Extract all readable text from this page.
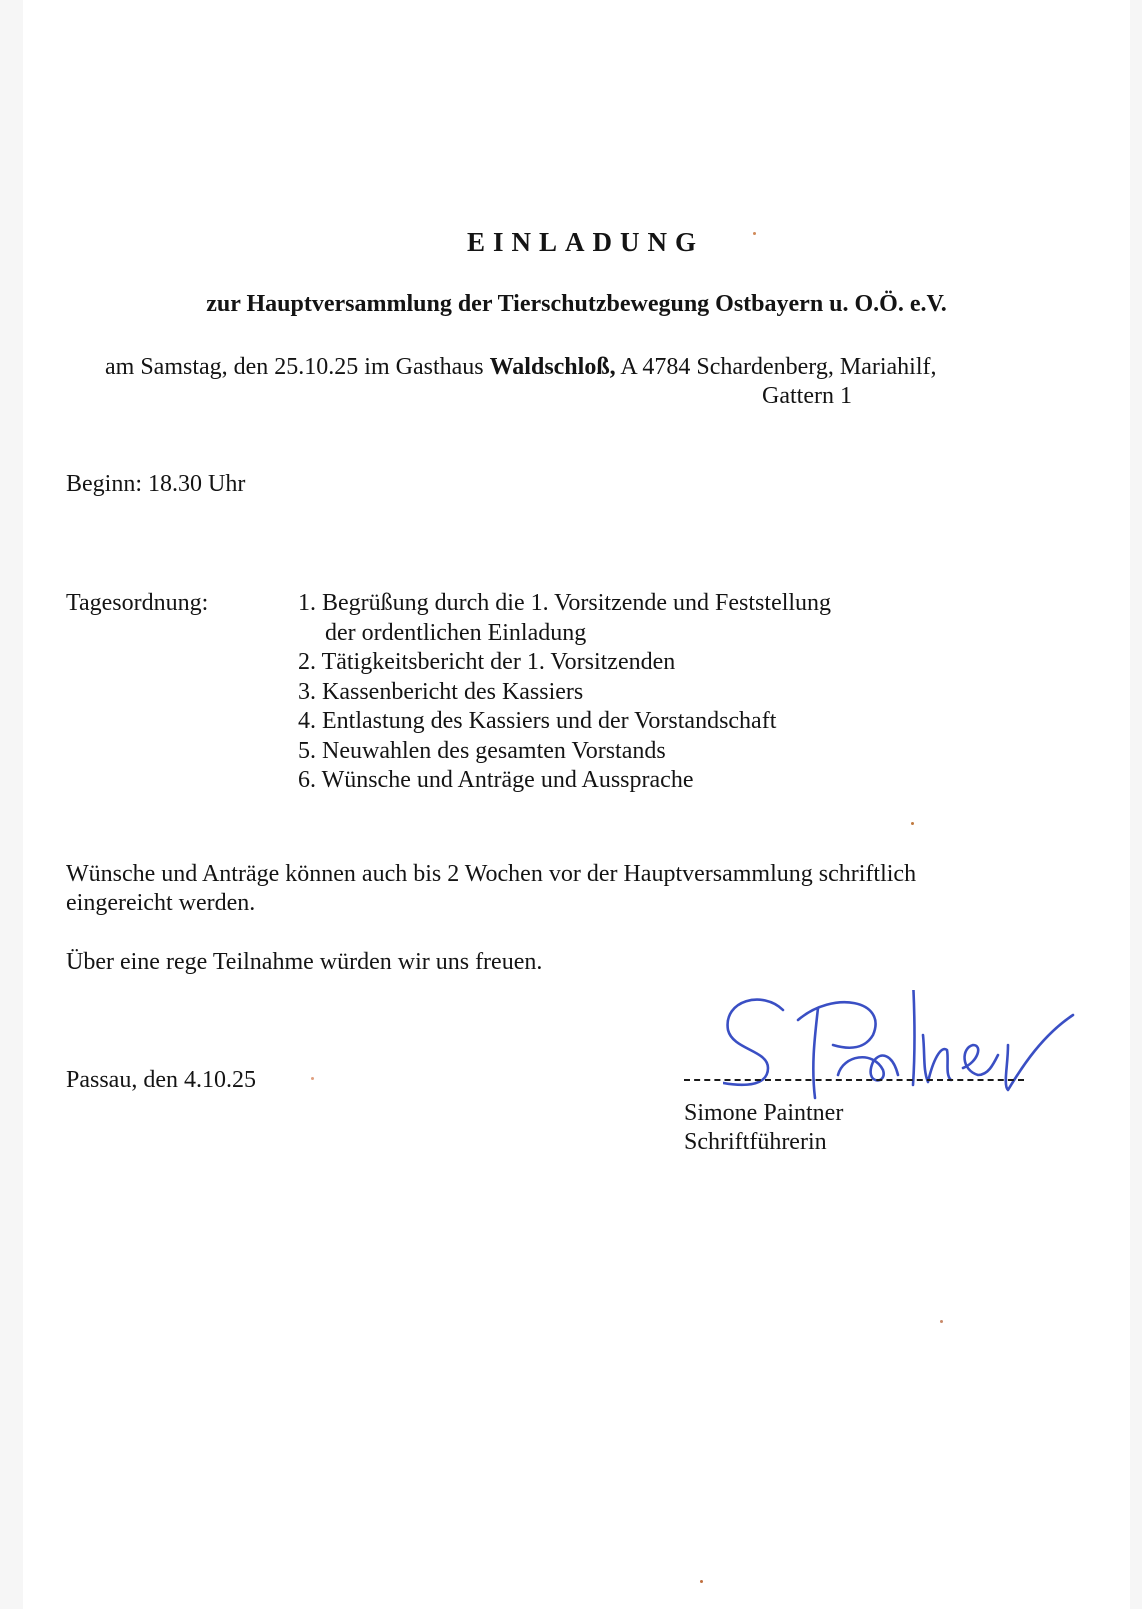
EINLADUNG
zur Hauptversammlung der Tierschutzbewegung Ostbayern u. O.Ö. e.V.
am Samstag, den 25.10.25 im Gasthaus Waldschloß, A 4784 Schardenberg, Mariahilf,
Gattern 1
Beginn: 18.30 Uhr
Tagesordnung:	1. Begrüßung durch die 1. Vorsitzende und Feststellung
der ordentlichen Einladung
2. Tätigkeitsbericht der 1. Vorsitzenden
3. Kassenbericht des Kassiers
4. Entlastung des Kassiers und der Vorstandschaft
5. Neuwahlen des gesamten Vorstands
6. Wünsche und Anträge und Aussprache
Wünsche und Anträge können auch bis 2 Wochen vor der Hauptversammlung schriftlich eingereicht werden.
Über eine rege Teilnahme würden wir uns freuen.
Passau, den 4.10.25
Simone Paintner
Schriftführerin
